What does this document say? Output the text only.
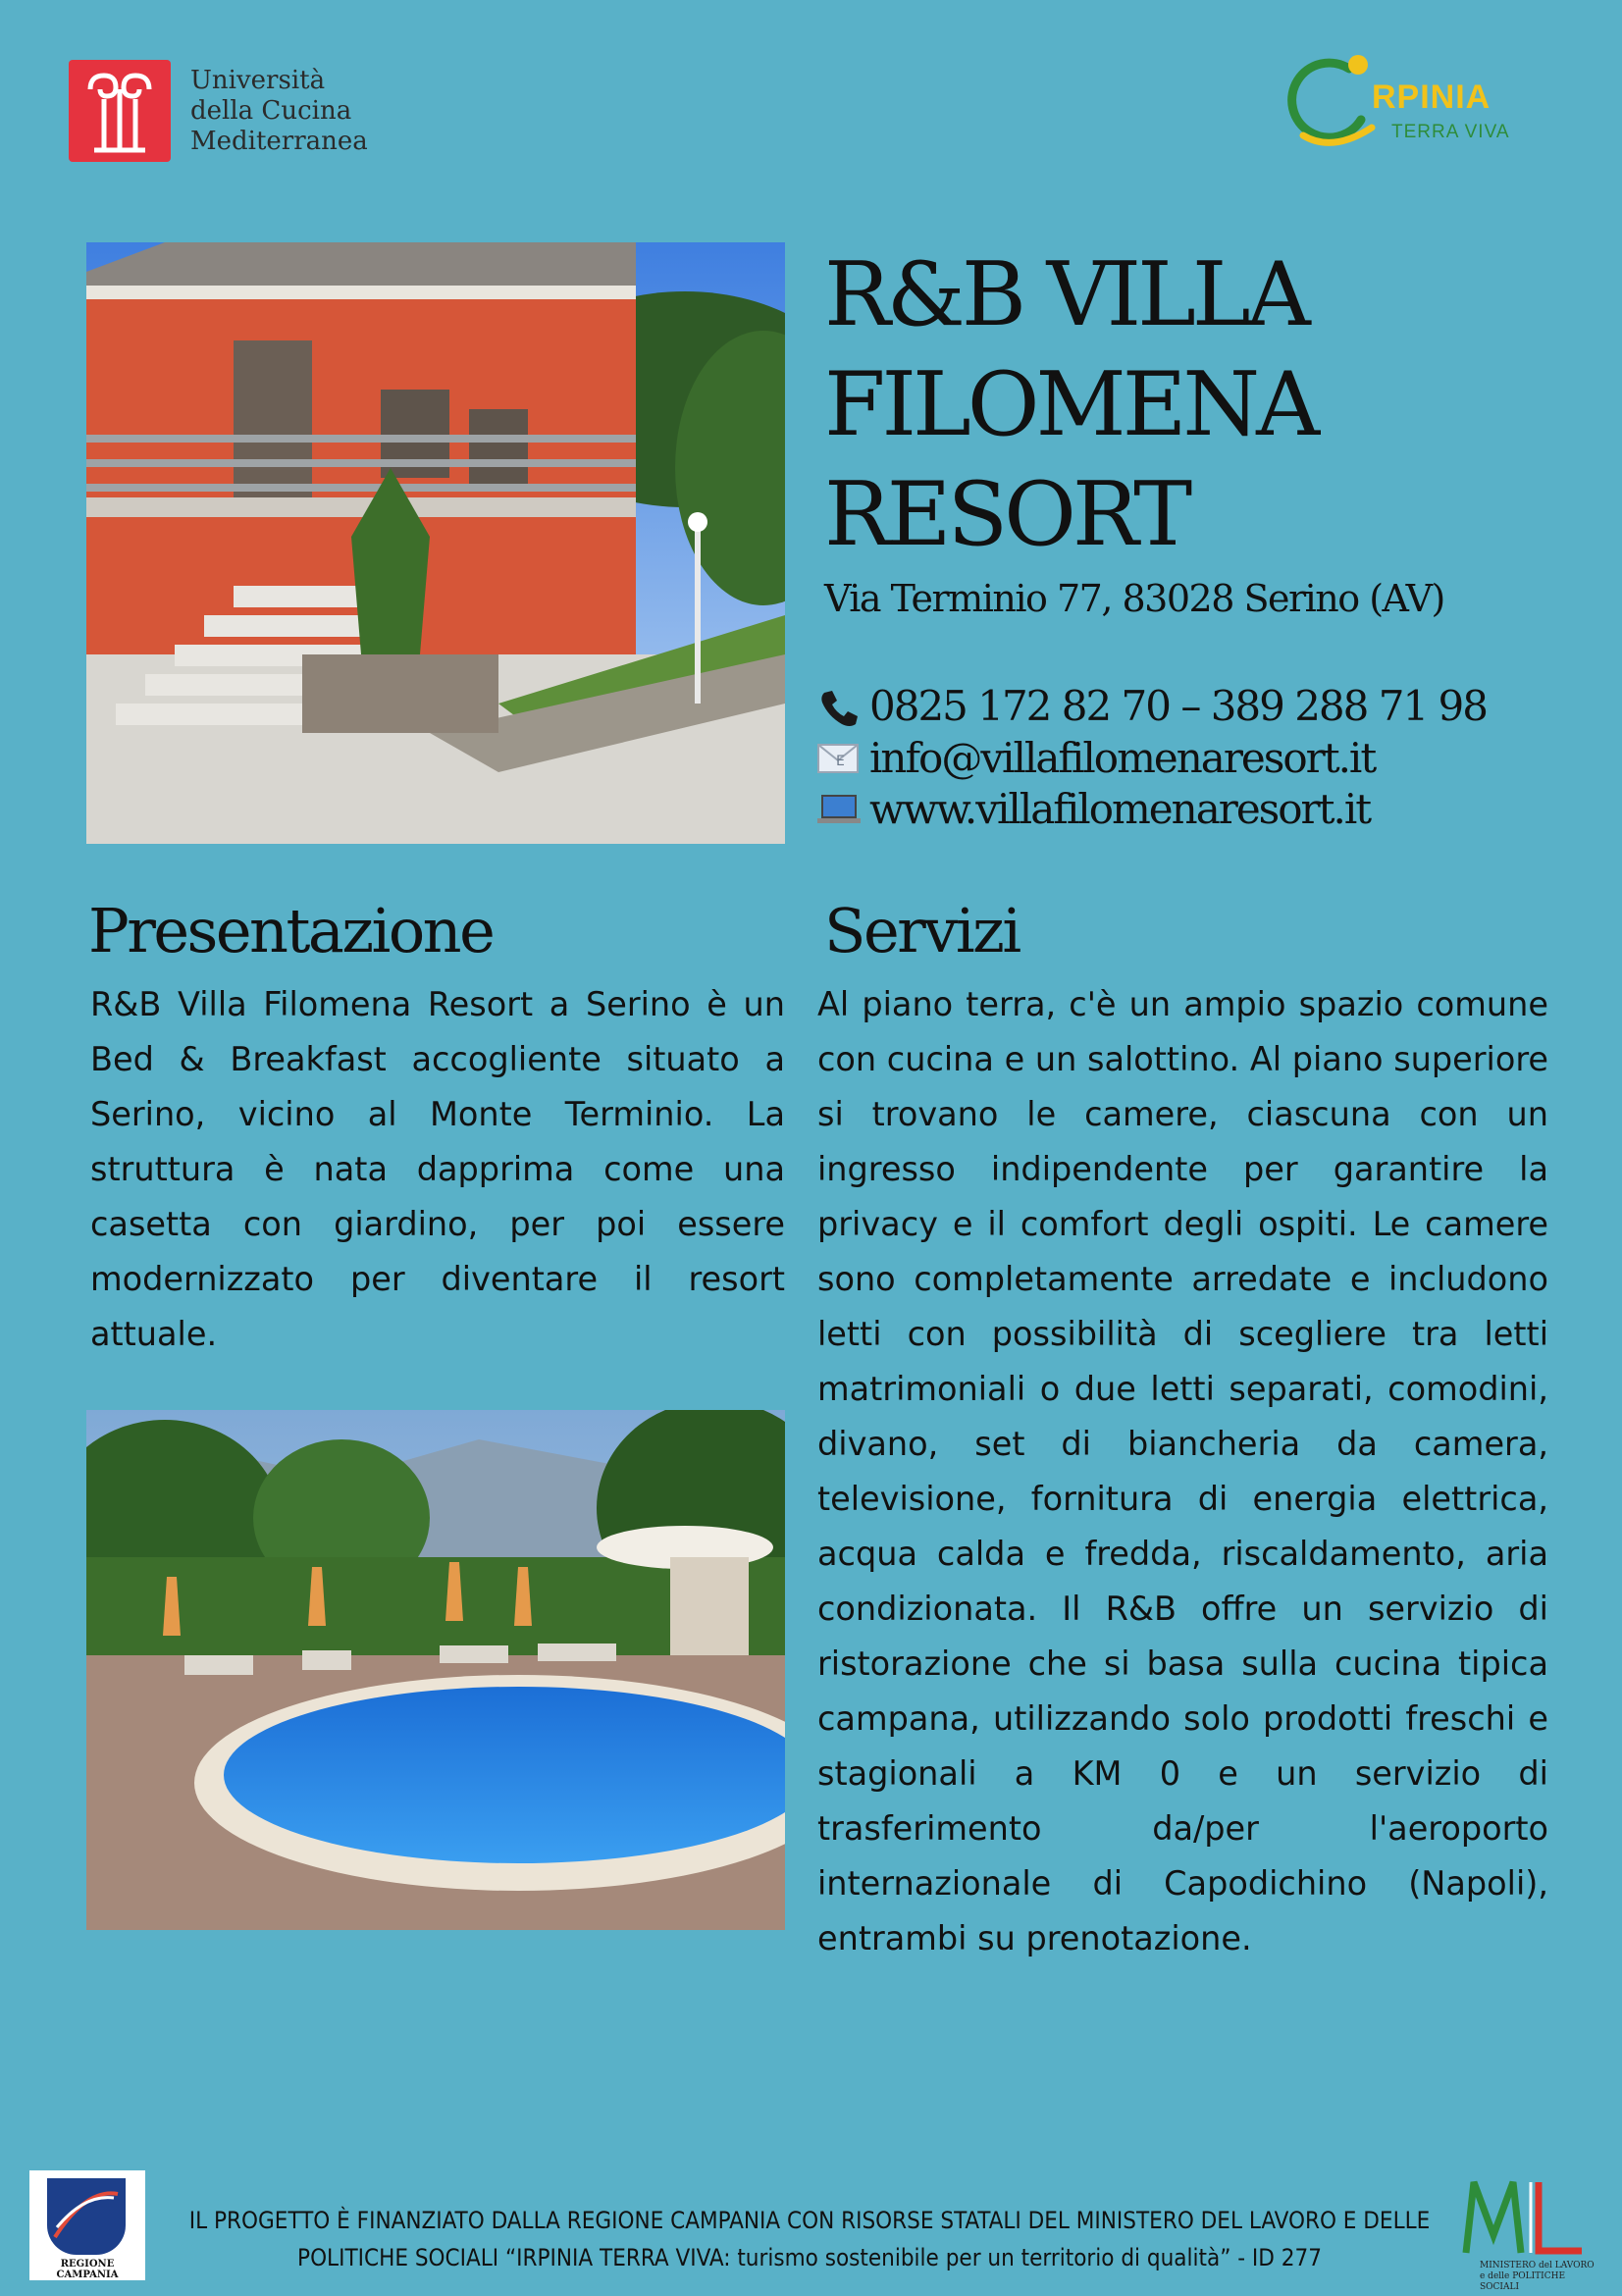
Università
della Cucina
Mediterranea
RPINIA
TERRA VIVA
R&B VILLA
FILOMENA
RESORT
Via Terminio 77, 83028 Serino (AV)
0825 172 82 70 – 389 288 71 98
E info@villafilomenaresort.it
www.villafilomenaresort.it
Presentazione
R&B Villa Filomena Resort a Serino è un Bed & Breakfast accogliente situato a Serino, vicino al Monte Terminio. La struttura è nata dapprima come una casetta con giardino, per poi essere modernizzato per diventare il resort attuale.
Servizi
Al piano terra, c'è un ampio spazio comune con cucina e un salottino. Al piano superiore si trovano le camere, ciascuna con un ingresso indipendente per garantire la privacy e il comfort degli ospiti. Le camere sono completamente arredate e includono letti con possibilità di scegliere tra letti matrimoniali o due letti separati, comodini, divano, set di biancheria da camera, televisione, fornitura di energia elettrica, acqua calda e fredda, riscaldamento, aria condizionata. Il R&B offre un servizio di ristorazione che si basa sulla cucina tipica campana, utilizzando solo prodotti freschi e stagionali a KM 0 e un servizio di trasferimento da/per l'aeroporto internazionale di Capodichino (Napoli), entrambi su prenotazione.
REGIONE CAMPANIA
IL PROGETTO È FINANZIATO DALLA REGIONE CAMPANIA CON RISORSE STATALI DEL MINISTERO DEL LAVORO E DELLE
POLITICHE SOCIALI “IRPINIA TERRA VIVA: turismo sostenibile per un territorio di qualità” - ID 277	MINISTERO del LAVORO
e delle POLITICHE SOCIALI
